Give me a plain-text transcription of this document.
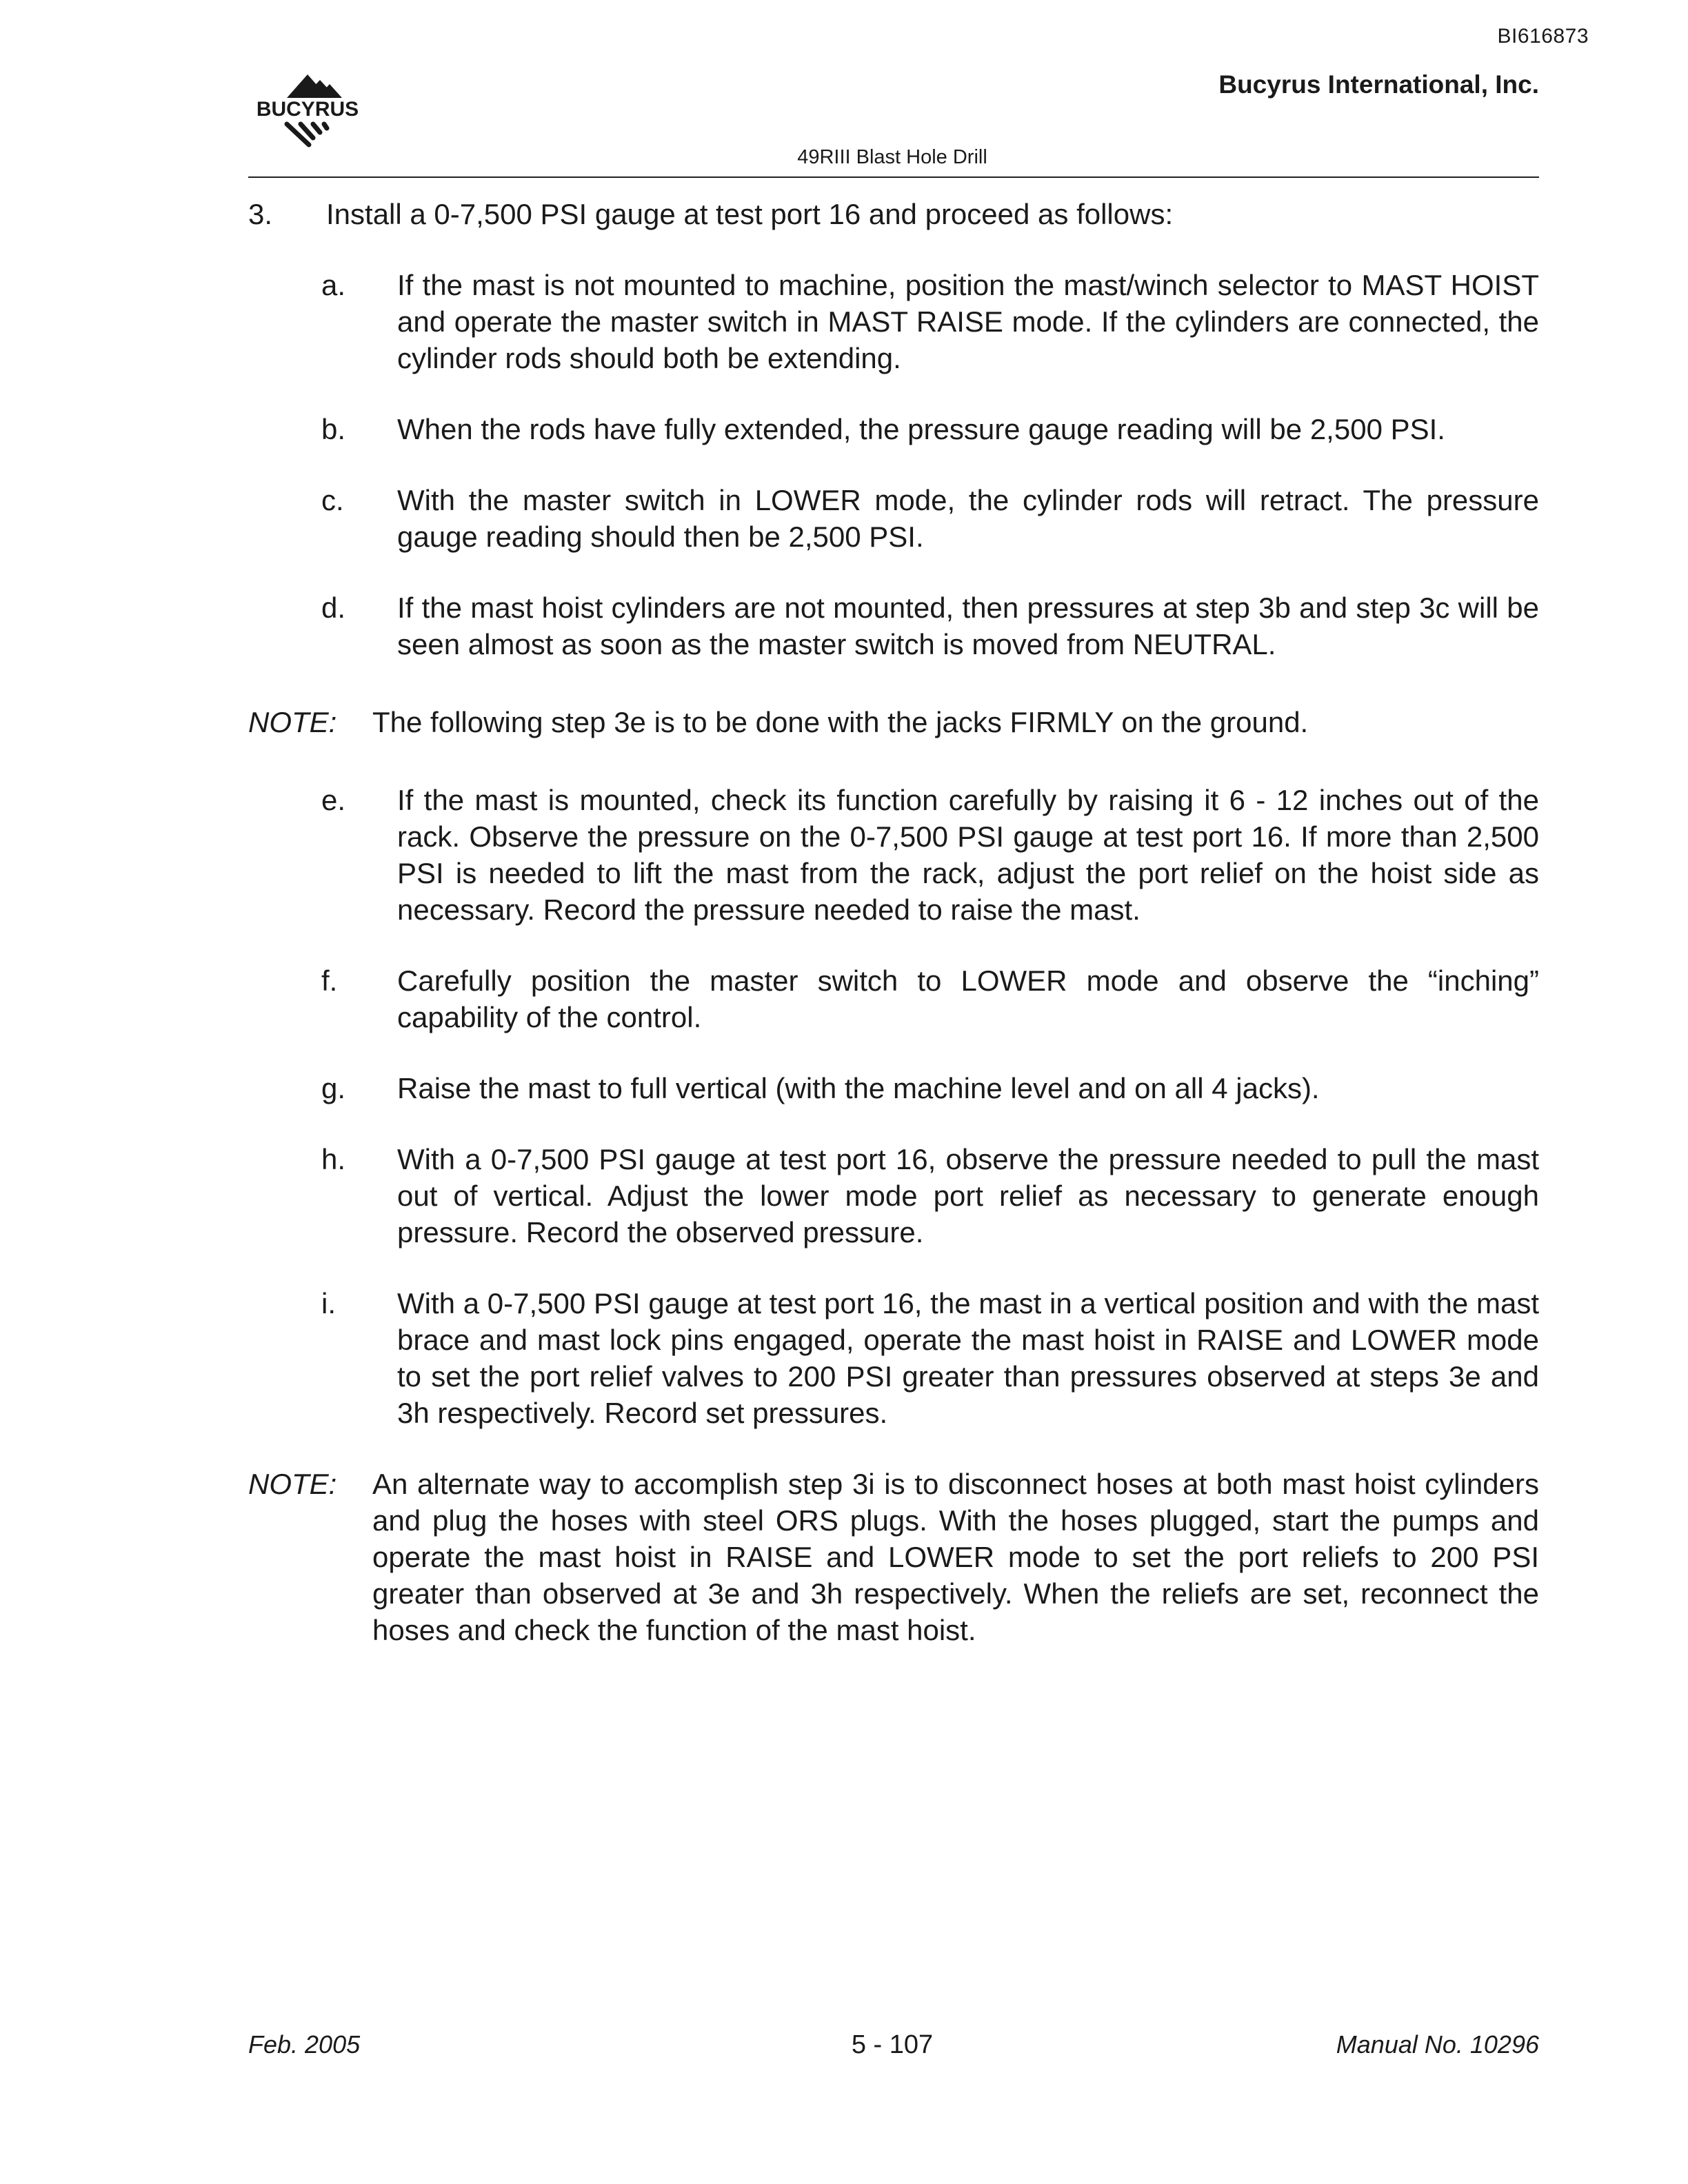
BI616873
BUCYRUS
Bucyrus International, Inc.
49RIII Blast Hole Drill
3.	Install a 0-7,500 PSI gauge at test port 16 and proceed as follows:
a.	If the mast is not mounted to machine, position the mast/winch selector to MAST HOIST and operate the master switch in MAST RAISE mode. If the cylinders are connected, the cylinder rods should both be extending.
b.	When the rods have fully extended, the pressure gauge reading will be 2,500 PSI.
c.	With the master switch in LOWER mode, the cylinder rods will retract. The pressure gauge reading should then be 2,500 PSI.
d.	If the mast hoist cylinders are not mounted, then pressures at step 3b and step 3c will be seen almost as soon as the master switch is moved from NEUTRAL.
NOTE:	The following step 3e is to be done with the jacks FIRMLY on the ground.
e.	If the mast is mounted, check its function carefully by raising it 6 - 12 inches out of the rack. Observe the pressure on the 0-7,500 PSI gauge at test port 16. If more than 2,500 PSI is needed to lift the mast from the rack, adjust the port relief on the hoist side as necessary. Record the pressure needed to raise the mast.
f.	Carefully position the master switch to LOWER mode and observe the “inching” capability of the control.
g.	Raise the mast to full vertical (with the machine level and on all 4 jacks).
h.	With a 0-7,500 PSI gauge at test port 16, observe the pressure needed to pull the mast out of vertical. Adjust the lower mode port relief as necessary to generate enough pressure. Record the observed pressure.
i.	With a 0-7,500 PSI gauge at test port 16, the mast in a vertical position and with the mast brace and mast lock pins engaged, operate the mast hoist in RAISE and LOWER mode to set the port relief valves to 200 PSI greater than pressures observed at steps 3e and 3h respectively. Record set pressures.
NOTE:	An alternate way to accomplish step 3i is to disconnect hoses at both mast hoist cylinders and plug the hoses with steel ORS plugs. With the hoses plugged, start the pumps and operate the mast hoist in RAISE and LOWER mode to set the port reliefs to 200 PSI greater than observed at 3e and 3h respectively. When the reliefs are set, reconnect the hoses and check the function of the mast hoist.
Feb. 2005	5 - 107	Manual No. 10296
